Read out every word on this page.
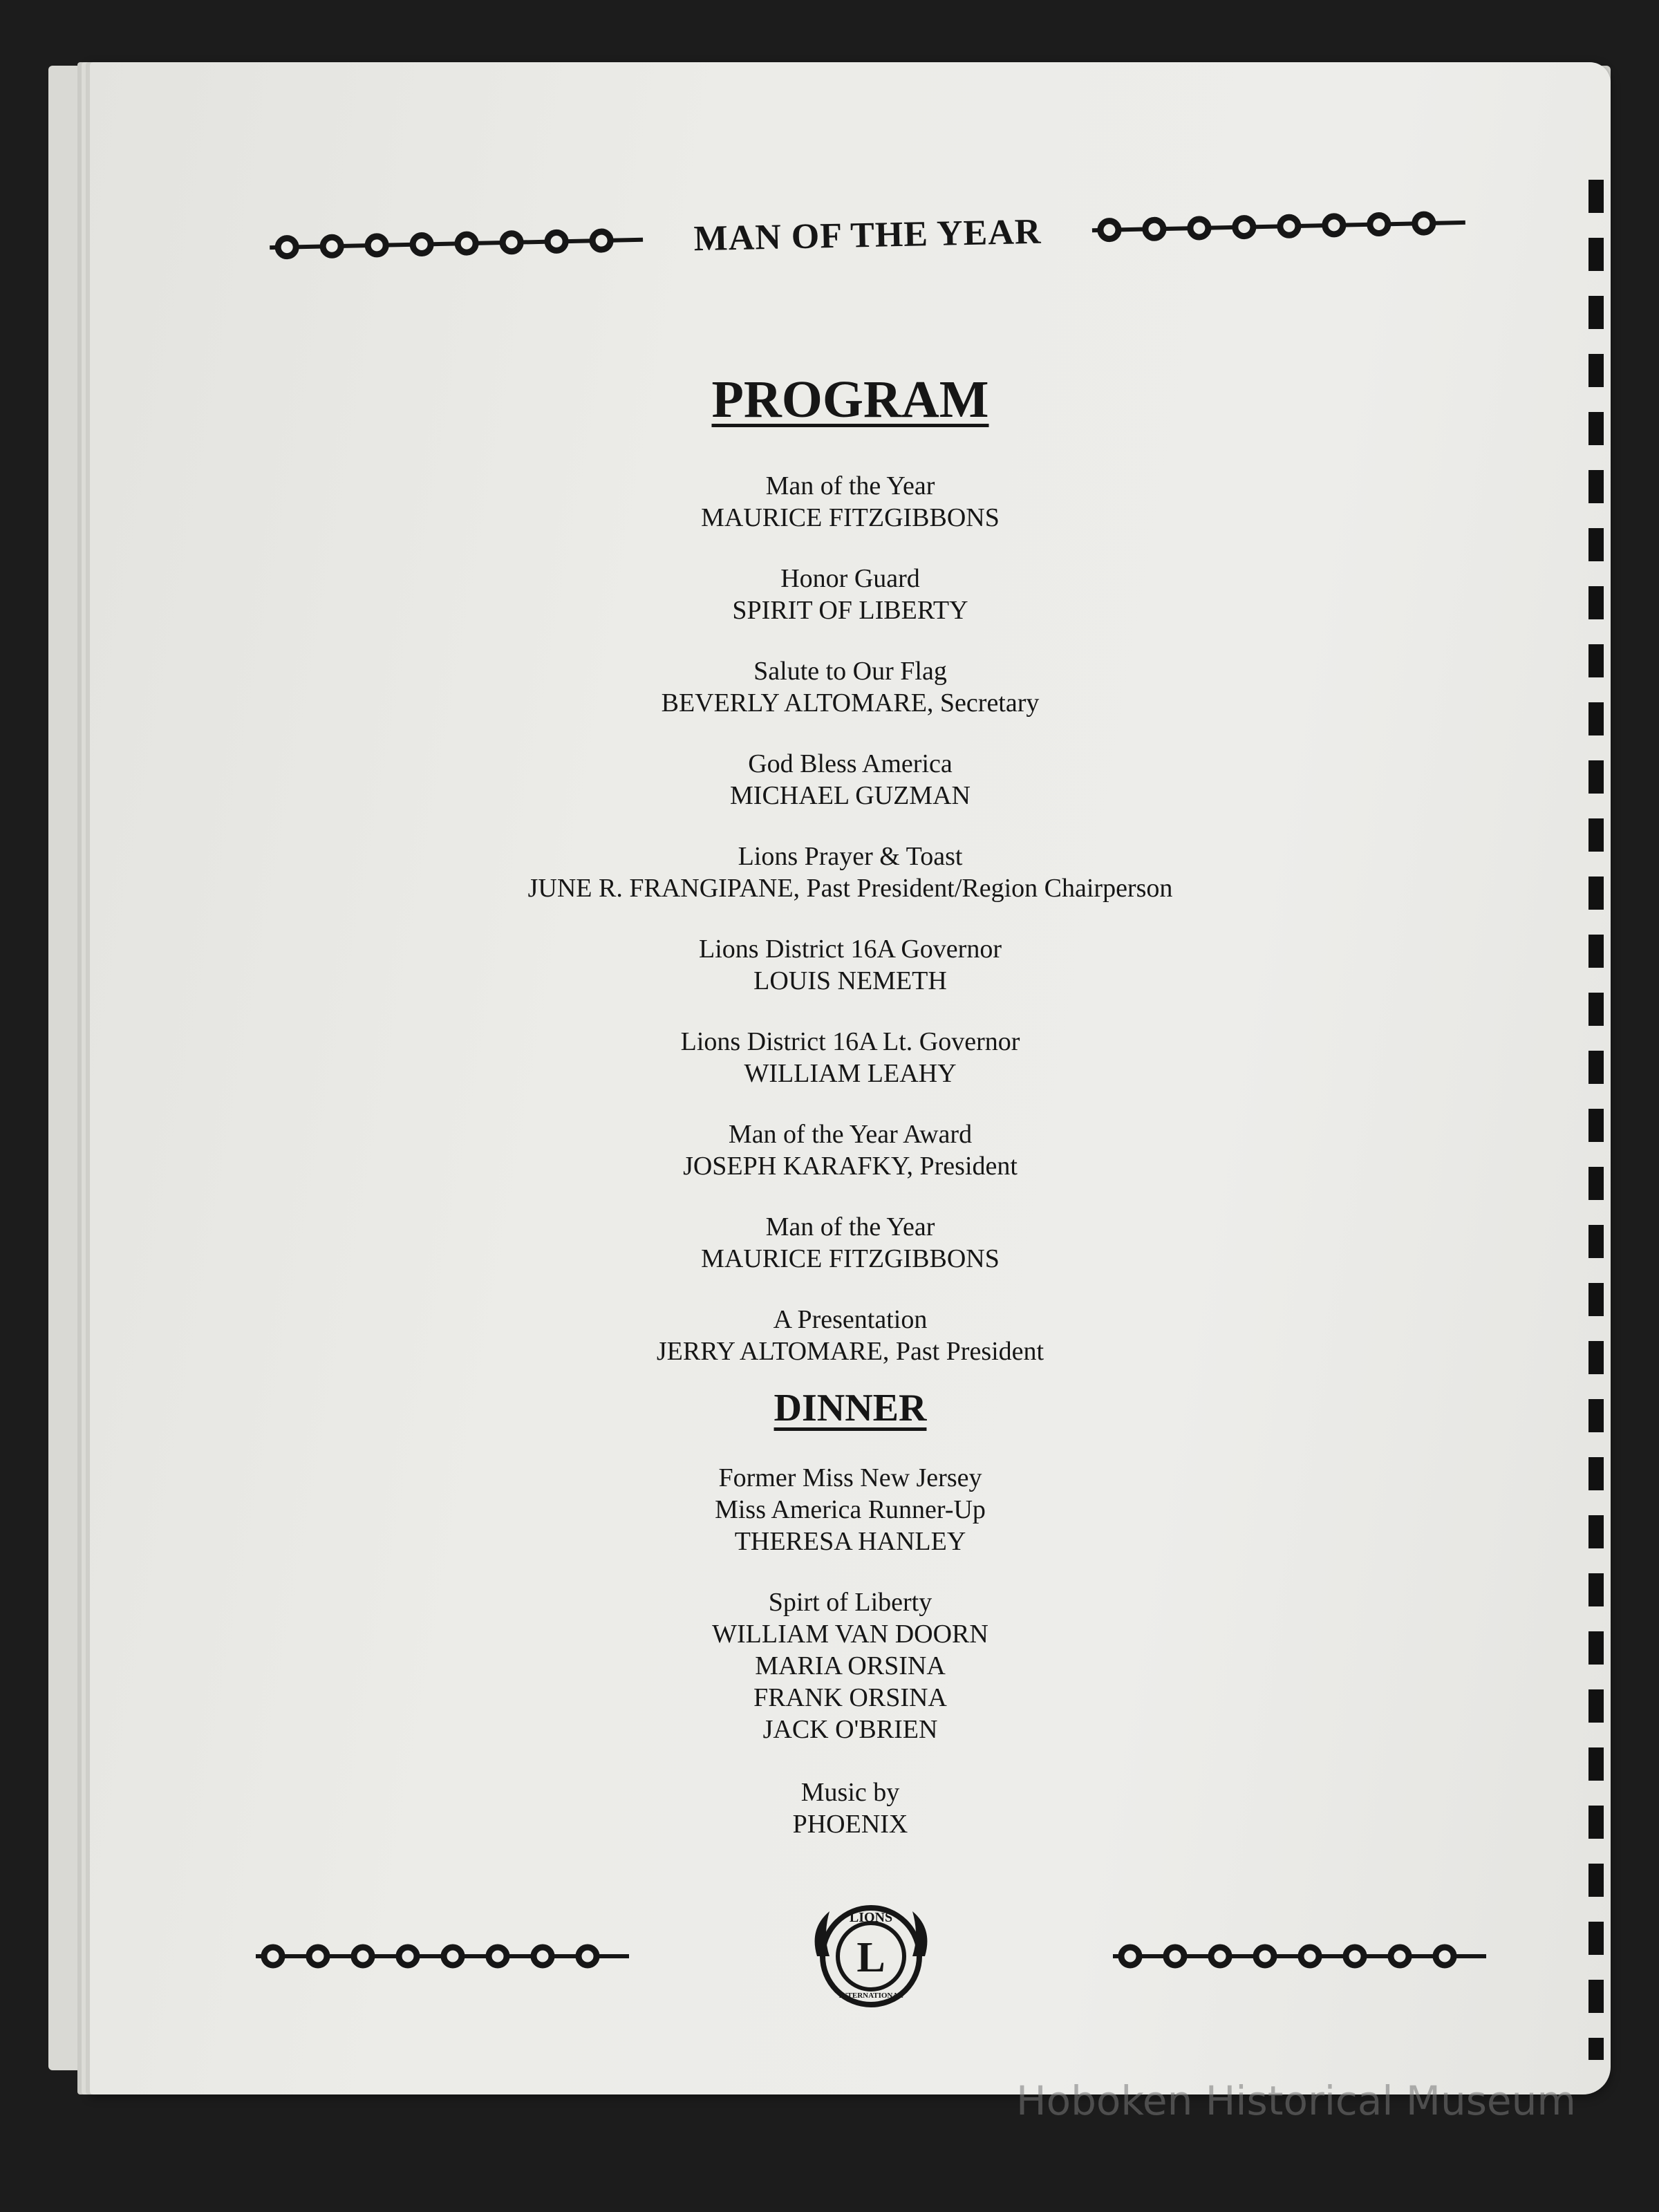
MAN OF THE YEAR
PROGRAM
Man of the Year
MAURICE FITZGIBBONS
Honor Guard
SPIRIT OF LIBERTY
Salute to Our Flag
BEVERLY ALTOMARE, Secretary
God Bless America
MICHAEL GUZMAN
Lions Prayer & Toast
JUNE R. FRANGIPANE, Past President/Region Chairperson
Lions District 16A Governor
LOUIS NEMETH
Lions District 16A Lt. Governor
WILLIAM LEAHY
Man of the Year Award
JOSEPH KARAFKY, President
Man of the Year
MAURICE FITZGIBBONS
A Presentation
JERRY ALTOMARE, Past President
DINNER
Former Miss New Jersey
Miss America Runner-Up
THERESA HANLEY
Spirt of Liberty
WILLIAM VAN DOORN
MARIA ORSINA
FRANK ORSINA
JACK O'BRIEN
Music by
PHOENIX
LIONS
L
INTERNATIONAL
Hoboken Historical Museum
